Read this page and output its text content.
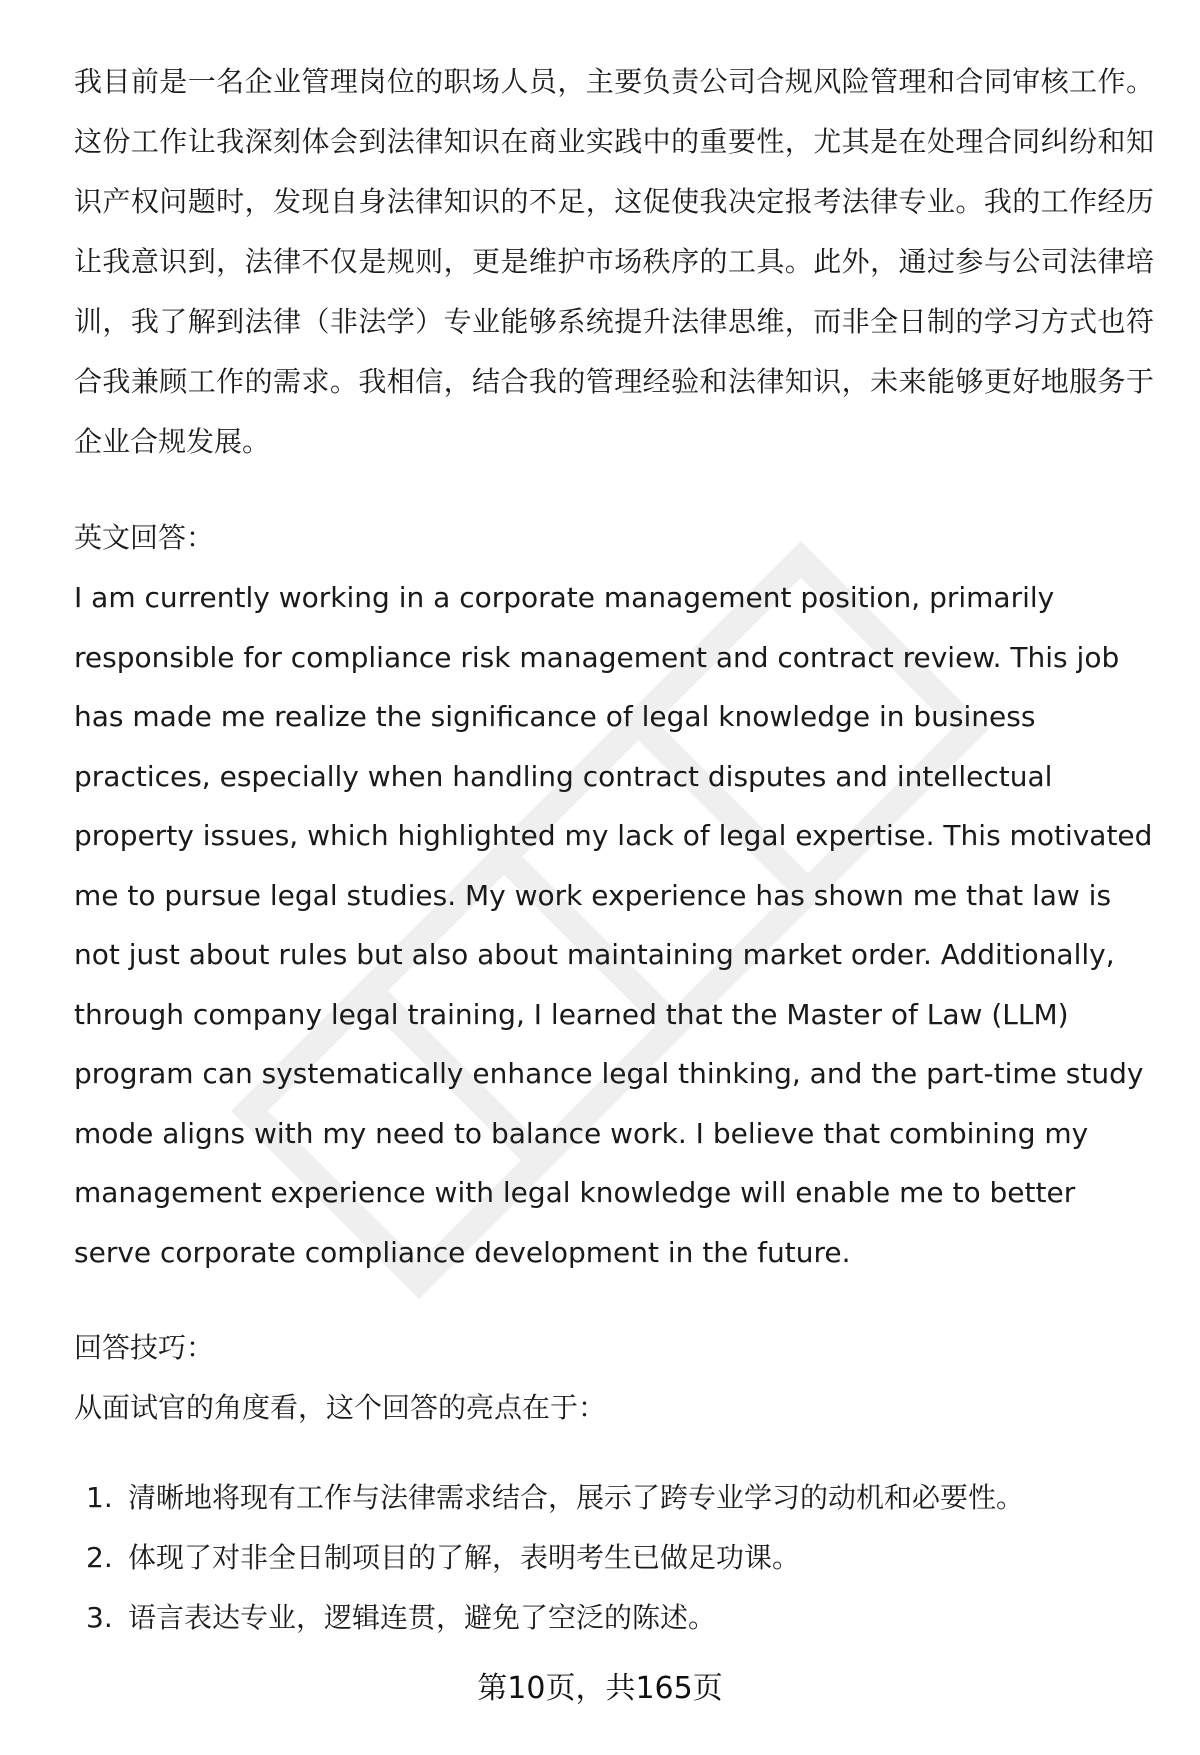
我目前是一名企业管理岗位的职场人员，主要负责公司合规风险管理和合同审核工作。这份工作让我深刻体会到法律知识在商业实践中的重要性，尤其是在处理合同纠纷和知识产权问题时，发现自身法律知识的不足，这促使我决定报考法律专业。我的工作经历让我意识到，法律不仅是规则，更是维护市场秩序的工具。此外，通过参与公司法律培训，我了解到法律（非法学）专业能够系统提升法律思维，而非全日制的学习方式也符合我兼顾工作的需求。我相信，结合我的管理经验和法律知识，未来能够更好地服务于企业合规发展。

英文回答：

I am currently working in a corporate management position, primarily responsible for compliance risk management and contract review. This job has made me realize the significance of legal knowledge in business practices, especially when handling contract disputes and intellectual property issues, which highlighted my lack of legal expertise. This motivated me to pursue legal studies. My work experience has shown me that law is not just about rules but also about maintaining market order. Additionally, through company legal training, I learned that the Master of Law (LLM) program can systematically enhance legal thinking, and the part-time study mode aligns with my need to balance work. I believe that combining my management experience with legal knowledge will enable me to better serve corporate compliance development in the future.

回答技巧：

从面试官的角度看，这个回答的亮点在于：

1. 清晰地将现有工作与法律需求结合，展示了跨专业学习的动机和必要性。
2. 体现了对非全日制项目的了解，表明考生已做足功课。
3. 语言表达专业，逻辑连贯，避免了空泛的陈述。
第10页，共165页
